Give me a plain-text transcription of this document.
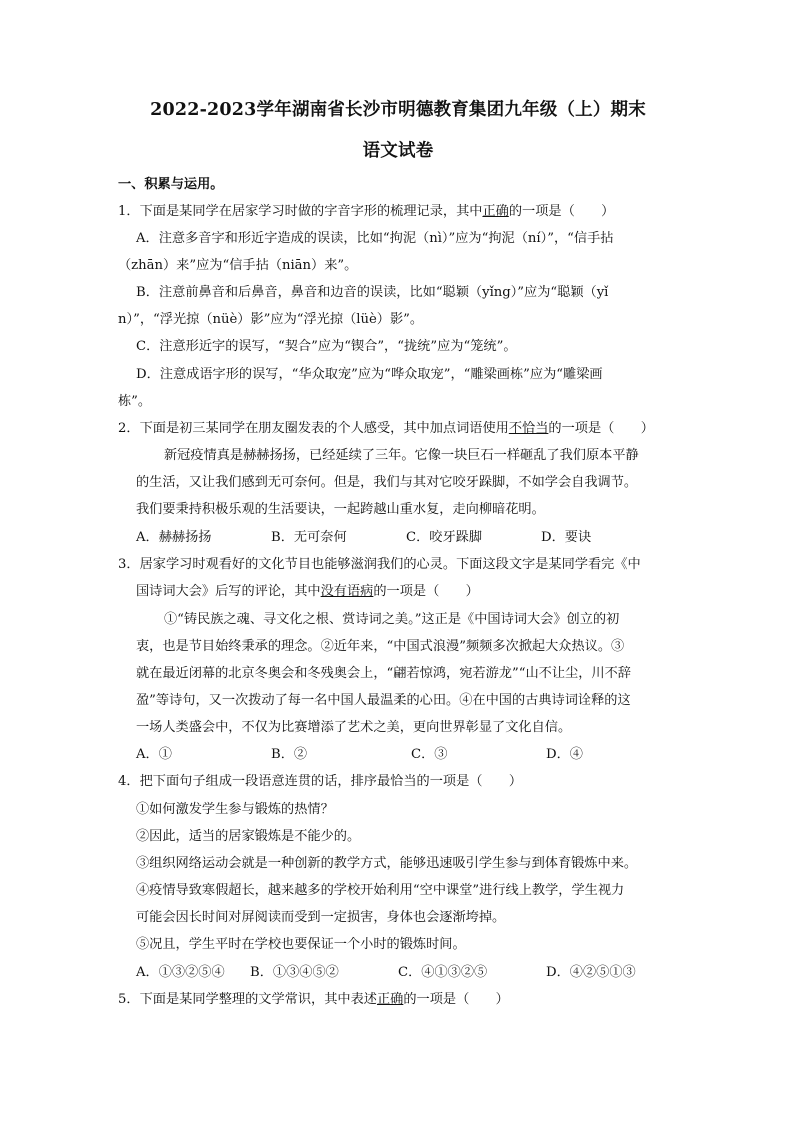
2022-2023学年湖南省长沙市明德教育集团九年级（上）期末
语文试卷
一、积累与运用。
1．下面是某同学在居家学习时做的字音字形的梳理记录，其中正确的一项是（　　）
A．注意多音字和形近字造成的误读，比如“拘泥（nì）”应为“拘泥（ní）”，“信手拈
（zhān）来”应为“信手拈（niān）来”。
B．注意前鼻音和后鼻音，鼻音和边音的误读，比如“聪颖（yǐng）”应为“聪颖（yǐ
n）”，“浮光掠（nüè）影”应为“浮光掠（lüè）影”。
C．注意形近字的误写，“契合”应为“锲合”，“拢统”应为“笼统”。
D．注意成语字形的误写，“华众取宠”应为“哗众取宠”，“雕梁画栋”应为“雕梁画
栋”。
2．下面是初三某同学在朋友圈发表的个人感受，其中加点词语使用不恰当的一项是（　　）
新冠疫情真是赫赫扬扬，已经延续了三年。它像一块巨石一样砸乱了我们原本平静
的生活，又让我们感到无可奈何。但是，我们与其对它咬牙跺脚，不如学会自我调节。
我们要秉持积极乐观的生活要诀，一起跨越山重水复，走向柳暗花明。
A．赫赫扬扬	B．无可奈何	C．咬牙跺脚	D．要诀
3．居家学习时观看好的文化节目也能够滋润我们的心灵。下面这段文字是某同学看完《中
国诗词大会》后写的评论，其中没有语病的一项是（　　）
①“铸民族之魂、寻文化之根、赏诗词之美。”这正是《中国诗词大会》创立的初
衷，也是节目始终秉承的理念。②近年来，“中国式浪漫”频频多次掀起大众热议。③
就在最近闭幕的北京冬奥会和冬残奥会上，“翩若惊鸿，宛若游龙”“山不让尘，川不辞
盈”等诗句，又一次拨动了每一名中国人最温柔的心田。④在中国的古典诗词诠释的这
一场人类盛会中，不仅为比赛增添了艺术之美，更向世界彰显了文化自信。
A．①	B．②	C．③	D．④
4．把下面句子组成一段语意连贯的话，排序最恰当的一项是（　　）
①如何激发学生参与锻炼的热情？
②因此，适当的居家锻炼是不能少的。
③组织网络运动会就是一种创新的教学方式，能够迅速吸引学生参与到体育锻炼中来。
④疫情导致寒假超长，越来越多的学校开始利用“空中课堂”进行线上教学，学生视力
可能会因长时间对屏阅读而受到一定损害，身体也会逐渐垮掉。
⑤况且，学生平时在学校也要保证一个小时的锻炼时间。
A．①③②⑤④ B．①③④⑤②	C．④①③②⑤	D．④②⑤①③
5．下面是某同学整理的文学常识，其中表述正确的一项是（　　）
